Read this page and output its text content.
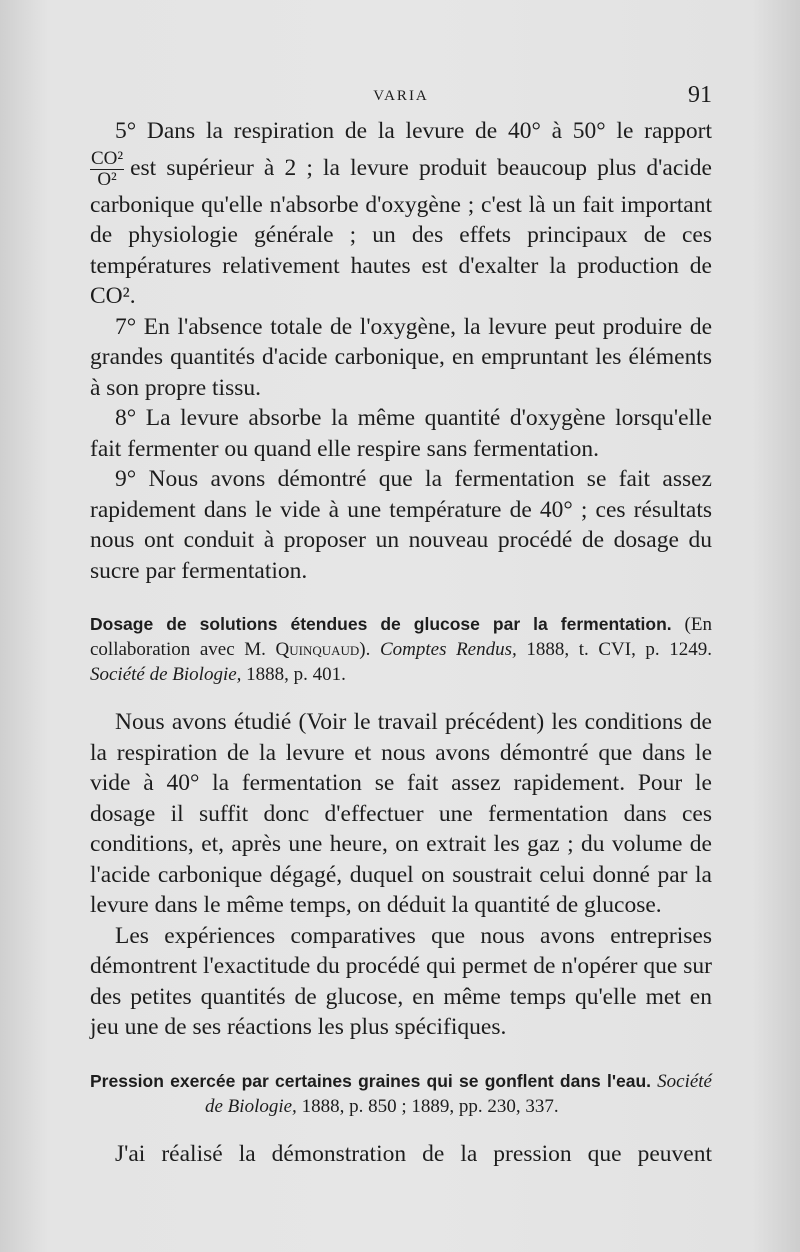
VARIA	91

5° Dans la respiration de la levure de 40° à 50° le rapport

$\frac{\text{CO²}}{\text{O²}}$ est supérieur à 2 ; la levure produit beaucoup plus d'acide

carbonique qu'elle n'absorbe d'oxygène ; c'est là un fait important de physiologie générale ; un des effets principaux de ces températures relativement hautes est d'exalter la production de CO².

7° En l'absence totale de l'oxygène, la levure peut produire de grandes quantités d'acide carbonique, en empruntant les éléments à son propre tissu.

8° La levure absorbe la même quantité d'oxygène lorsqu'elle fait fermenter ou quand elle respire sans fermentation.

9° Nous avons démontré que la fermentation se fait assez rapidement dans le vide à une température de 40° ; ces résultats nous ont conduit à proposer un nouveau procédé de dosage du sucre par fermentation.

Dosage de solutions étendues de glucose par la fermentation. (En collaboration avec M. Quinquaud). Comptes Rendus, 1888, t. CVI, p. 1249. Société de Biologie, 1888, p. 401.

Nous avons étudié (Voir le travail précédent) les conditions de la respiration de la levure et nous avons démontré que dans le vide à 40° la fermentation se fait assez rapidement. Pour le dosage il suffit donc d'effectuer une fermentation dans ces conditions, et, après une heure, on extrait les gaz ; du volume de l'acide carbonique dégagé, duquel on soustrait celui donné par la levure dans le même temps, on déduit la quantité de glucose.

Les expériences comparatives que nous avons entreprises démontrent l'exactitude du procédé qui permet de n'opérer que sur des petites quantités de glucose, en même temps qu'elle met en jeu une de ses réactions les plus spécifiques.

Pression exercée par certaines graines qui se gonflent dans l'eau. Société
de Biologie, 1888, p. 850 ; 1889, pp. 230, 337.

J'ai réalisé la démonstration de la pression que peuvent
